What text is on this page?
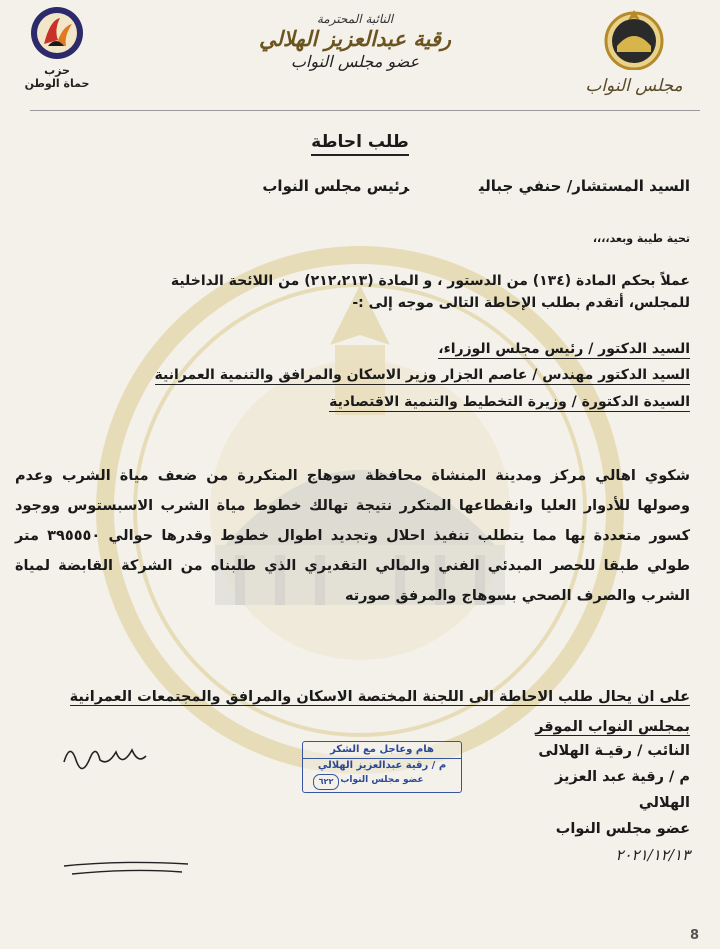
حزب
حماة الوطن
النائبة المحترمة
رقية عبدالعزيز الهلالي
عضو مجلس النواب
مجلس النواب
طلب احاطة
السيد المستشار/ حنفي جباليرئيس مجلس النواب
تحية طيبة وبعد،،،،
عملاً بحكم المادة (١٣٤) من الدستور ، و المادة (٢١٢،٢١٣) من اللائحة الداخلية
للمجلس، أتقدم بطلب الإحاطة التالى موجه إلى :-
السيد الدكتور / رئيس مجلس الوزراء،
السيد الدكتور مهندس / عاصم الجزار وزير الاسكان والمرافق والتنمية العمرانية
السيدة الدكتورة / وزيرة التخطيط والتنمية الاقتصادية
شكوي اهالي مركز ومدينة المنشاة محافظة سوهاج المتكررة من ضعف مياة الشرب وعدم وصولها للأدوار العليا وانقطاعها المتكرر نتيجة تهالك خطوط مياة الشرب الاسبستوس ووجود كسور متعددة بها مما يتطلب تنفيذ احلال وتجديد اطوال خطوط وقدرها حوالي ٣٩٥٥٥٠ متر طولي طبقا للحصر المبدئي الفني والمالي التقديري الذي طلبناه من الشركة القابضة لمياة الشرب والصرف الصحي بسوهاج والمرفق صورته
على ان يحال طلب الاحاطة الى اللجنة المختصة الاسكان والمرافق والمجتمعات العمرانية بمجلس النواب الموقر
هام وعاجل مع الشكر
م / رقية عبدالعزيز الهلالي
عضو مجلس النواب
٦٢٢
النائب / رقيـة الهلالى
م / رقية عبد العزيز الهلالي
عضو مجلس النواب
٢٠٢١/١٢/١٣
8
